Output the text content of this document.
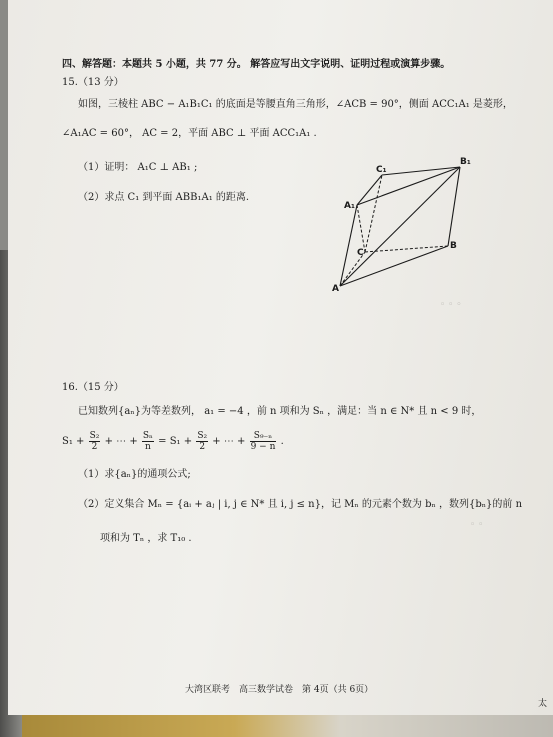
◦ ◦ ◦
◦ ◦
四、解答题：本题共 5 小题，共 77 分。 解答应写出文字说明、证明过程或演算步骤。
15.（13 分）
如图，三棱柱 ABC − A₁B₁C₁ 的底面是等腰直角三角形，∠ACB = 90°，侧面 ACC₁A₁ 是菱形，
∠A₁AC = 60°， AC = 2，平面 ABC ⊥ 平面 ACC₁A₁ .
（1）证明： A₁C ⊥ AB₁ ;
（2）求点 C₁ 到平面 ABB₁A₁ 的距离.
C₁
B₁
A₁
C
B
A
16.（15 分）
已知数列{aₙ}为等差数列， a₁ = −4 ，前 n 项和为 Sₙ ，满足：当 n ∈ N* 且 n < 9 时，
$S_1 + \frac{\text{S₂}}{2}$ + ⋯ + $\frac{\text{Sₙ}}{n} = S_1 + \frac{\text{S₂}}{2}$ + ⋯ + $\frac{\text{S₉₋ₙ}}{9 - n}$ .
（1）求{aₙ}的通项公式;
（2）定义集合 Mₙ = {aᵢ + aⱼ | i, j ∈ N* 且 i, j ≤ n}，记 Mₙ 的元素个数为 bₙ ，数列{bₙ}的前 n
项和为 Tₙ ，求 T₁₀ .
大湾区联考　高三数学试卷　第 4页（共 6页）
太
